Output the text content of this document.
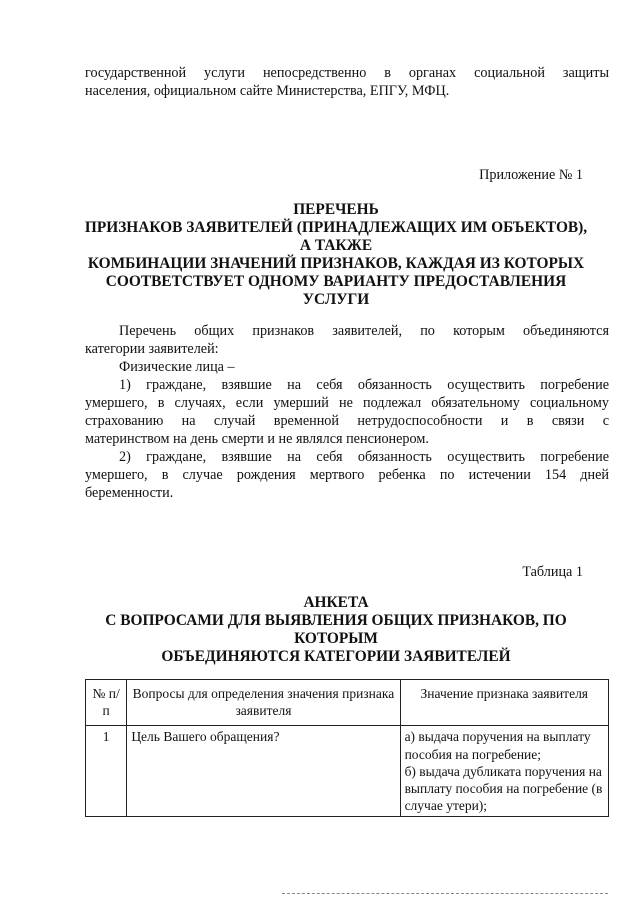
государственной услуги непосредственно в органах социальной защиты
населения, официальном сайте Министерства, ЕПГУ, МФЦ.
Приложение № 1
ПЕРЕЧЕНЬ
ПРИЗНАКОВ ЗАЯВИТЕЛЕЙ (ПРИНАДЛЕЖАЩИХ ИМ ОБЪЕКТОВ),
А ТАКЖЕ
КОМБИНАЦИИ ЗНАЧЕНИЙ ПРИЗНАКОВ, КАЖДАЯ ИЗ КОТОРЫХ
СООТВЕТСТВУЕТ ОДНОМУ ВАРИАНТУ ПРЕДОСТАВЛЕНИЯ
УСЛУГИ
Перечень общих признаков заявителей, по которым объединяются
категории заявителей:
Физические лица –
1) граждане, взявшие на себя обязанность осуществить погребение
умершего, в случаях, если умерший не подлежал обязательному социальному
страхованию на случай временной нетрудоспособности и в связи с
материнством на день смерти и не являлся пенсионером.
2) граждане, взявшие на себя обязанность осуществить погребение
умершего, в случае рождения мертвого ребенка по истечении 154 дней
беременности.
Таблица 1
АНКЕТА
С ВОПРОСАМИ ДЛЯ ВЫЯВЛЕНИЯ ОБЩИХ ПРИЗНАКОВ, ПО
КОТОРЫМ
ОБЪЕДИНЯЮТСЯ КАТЕГОРИИ ЗАЯВИТЕЛЕЙ
№ п/п	Вопросы для определения значения признака заявителя	Значение признака заявителя
1	Цель Вашего обращения?	а) выдача поручения на выплату пособия на погребение;
б) выдача дубликата поручения на выплату пособия на погребение (в случае утери);
